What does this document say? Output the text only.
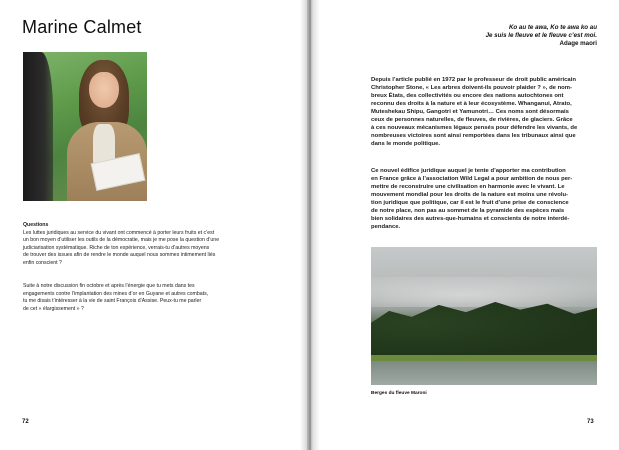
Marine Calmet

Questions

Les luttes juridiques au service du vivant ont commencé à porter leurs fruits et c’est
un bon moyen d’utiliser les outils de la démocratie, mais je me pose la question d’une
judiciarisation systématique. Riche de ton expérience, verrais-tu d’autres moyens
de trouver des issues afin de rendre le monde auquel nous sommes intimement liés
enfin conscient ?

Suite à notre discussion fin octobre et après l’énergie que tu mets dans tes
engagements contre l’implantation des mines d’or en Guyane et autres combats,
tu me disais t’intéresser à la vie de saint François d’Assise. Peux-tu me parler
de cet « élargissement » ?

72

Ko au te awa, Ko te awa ko au
Je suis le fleuve et le fleuve c’est moi.
Adage maori
Depuis l’article publié en 1972 par le professeur de droit public américain
Christopher Stone, « Les arbres doivent-ils pouvoir plaider ? », de nom-
breux États, des collectivités ou encore des nations autochtones ont
reconnu des droits à la nature et à leur écosystème. Whanganui, Atrato,
Muteshekau Shipu, Gangotri et Yamunotri… Ces noms sont désormais
ceux de personnes naturelles, de fleuves, de rivières, de glaciers. Grâce
à ces nouveaux mécanismes légaux pensés pour défendre les vivants, de
nombreuses victoires sont ainsi remportées dans les tribunaux ainsi que
dans le monde politique.
Ce nouvel édifice juridique auquel je tente d’apporter ma contribution
en France grâce à l’association Wild Legal a pour ambition de nous per-
mettre de reconstruire une civilisation en harmonie avec le vivant. Le
mouvement mondial pour les droits de la nature est moins une révolu-
tion juridique que politique, car il est le fruit d’une prise de conscience
de notre place, non pas au sommet de la pyramide des espèces mais
bien solidaires des autres-que-humains et conscients de notre interdé-
pendance.

Berges du fleuve Maroni

73
